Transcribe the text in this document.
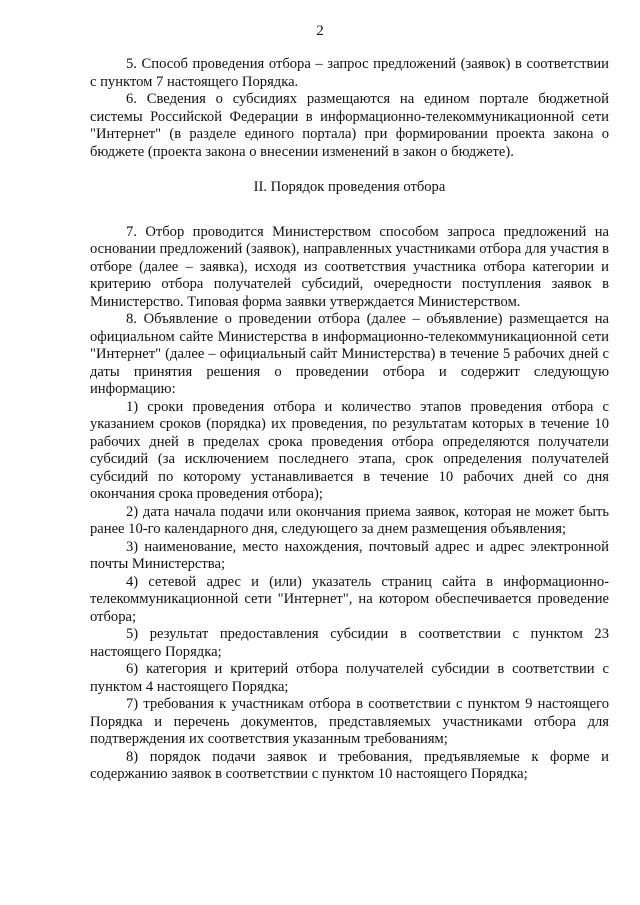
2

5. Способ проведения отбора – запрос предложений (заявок) в соответствии с пунктом 7 настоящего Порядка.

6. Сведения о субсидиях размещаются на едином портале бюджетной системы Российской Федерации в информационно-телекоммуникационной сети "Интернет" (в разделе единого портала) при формировании проекта закона о бюджете (проекта закона о внесении изменений в закон о бюджете).

II. Порядок проведения отбора

7. Отбор проводится Министерством способом запроса предложений на основании предложений (заявок), направленных участниками отбора для участия в отборе (далее – заявка), исходя из соответствия участника отбора категории и критерию отбора получателей субсидий, очередности поступления заявок в Министерство. Типовая форма заявки утверждается Министерством.

8. Объявление о проведении отбора (далее – объявление) размещается на официальном сайте Министерства в информационно-телекоммуникационной сети "Интернет" (далее – официальный сайт Министерства) в течение 5 рабочих дней с даты принятия решения о проведении отбора и содержит следующую информацию:

1) сроки проведения отбора и количество этапов проведения отбора с указанием сроков (порядка) их проведения, по результатам которых в течение 10 рабочих дней в пределах срока проведения отбора определяются получатели субсидий (за исключением последнего этапа, срок определения получателей субсидий по которому устанавливается в течение 10 рабочих дней со дня окончания срока проведения отбора);

2) дата начала подачи или окончания приема заявок, которая не может быть ранее 10-го календарного дня, следующего за днем размещения объявления;

3) наименование, место нахождения, почтовый адрес и адрес электронной почты Министерства;

4) сетевой адрес и (или) указатель страниц сайта в информационно-телекоммуникационной сети "Интернет", на котором обеспечивается проведение отбора;

5) результат предоставления субсидии в соответствии с пунктом 23 настоящего Порядка;

6) категория и критерий отбора получателей субсидии в соответствии с пунктом 4 настоящего Порядка;

7) требования к участникам отбора в соответствии с пунктом 9 настоящего Порядка и перечень документов, представляемых участниками отбора для подтверждения их соответствия указанным требованиям;

8) порядок подачи заявок и требования, предъявляемые к форме и содержанию заявок в соответствии с пунктом 10 настоящего Порядка;
